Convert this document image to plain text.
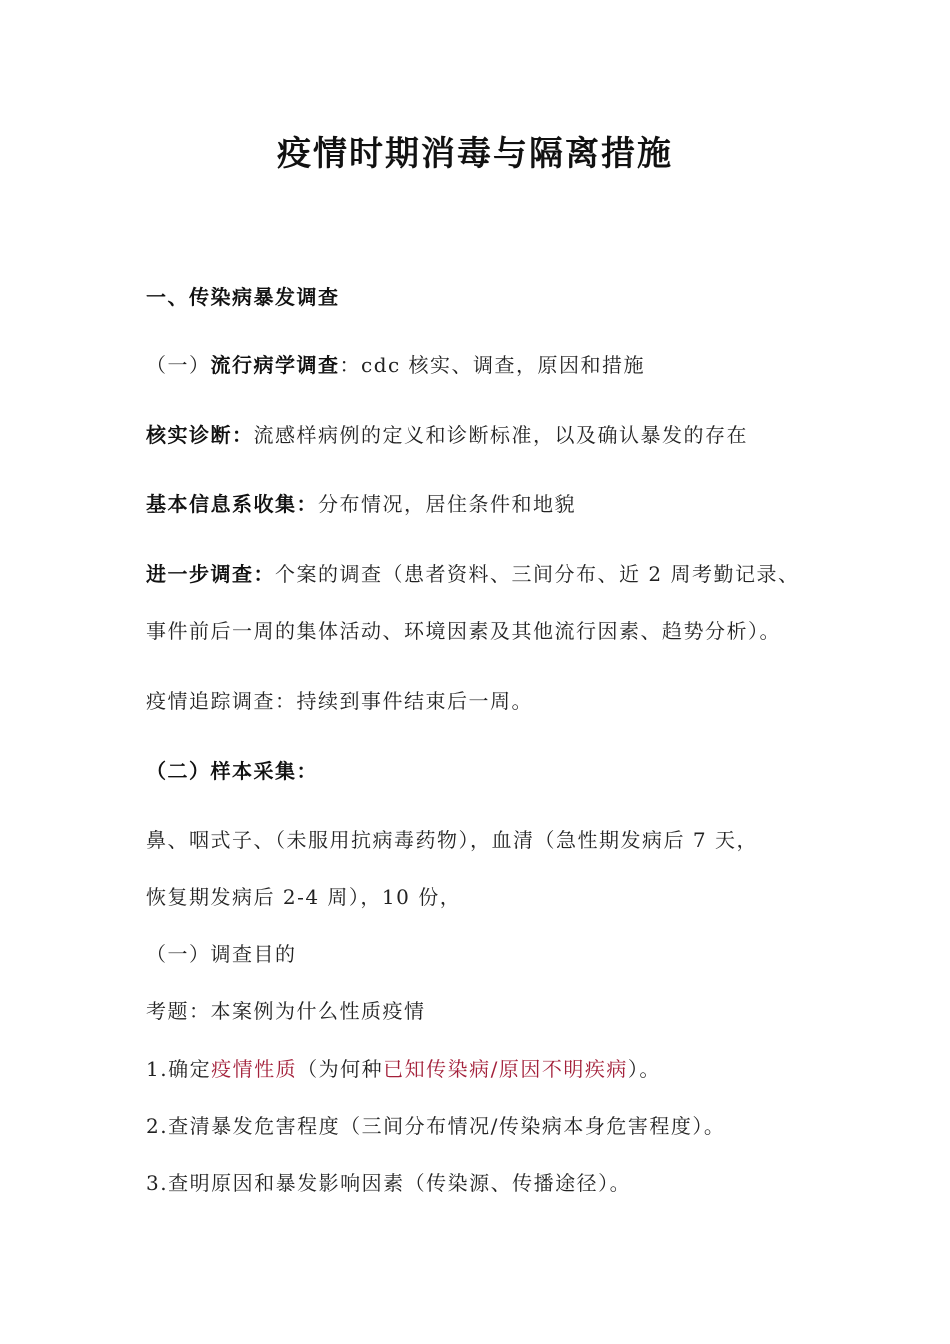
疫情时期消毒与隔离措施

一、传染病暴发调查

（一）流行病学调查：cdc 核实、调查，原因和措施

核实诊断：流感样病例的定义和诊断标准，以及确认暴发的存在

基本信息系收集：分布情况，居住条件和地貌

进一步调查：个案的调查（患者资料、三间分布、近 2 周考勤记录、

事件前后一周的集体活动、环境因素及其他流行因素、趋势分析）。

疫情追踪调查：持续到事件结束后一周。

（二）样本采集：

鼻、咽式子、（未服用抗病毒药物），血清（急性期发病后 7 天，

恢复期发病后 2-4 周），10 份，

（一）调查目的

考题：本案例为什么性质疫情

1.确定疫情性质（为何种已知传染病/原因不明疾病）。

2.查清暴发危害程度（三间分布情况/传染病本身危害程度）。

3.查明原因和暴发影响因素（传染源、传播途径）。
